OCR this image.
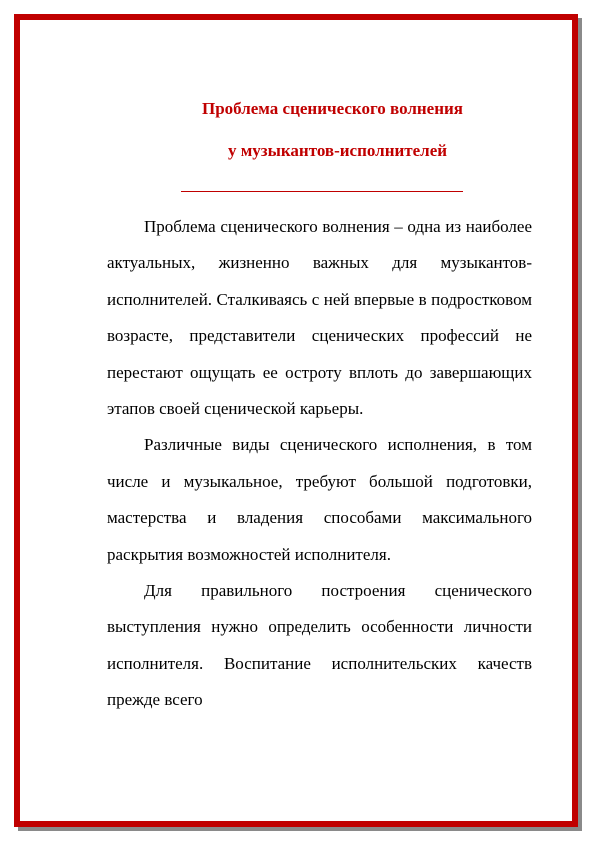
Проблема сценического волнения
у музыкантов-исполнителей

Проблема сценического волнения – одна из наиболее актуальных, жизненно важных для музыкантов-исполнителей. Сталкиваясь с ней впервые в подростковом возрасте, представители сценических профессий не перестают ощущать ее остроту вплоть до завершающих этапов своей сценической карьеры.

Различные виды сценического исполнения, в том числе и музыкальное, требуют большой подготовки, мастерства и владения способами максимального раскрытия возможностей исполнителя.

Для правильного построения сценического выступления нужно определить особенности личности исполнителя. Воспитание исполнительских качеств прежде всего
